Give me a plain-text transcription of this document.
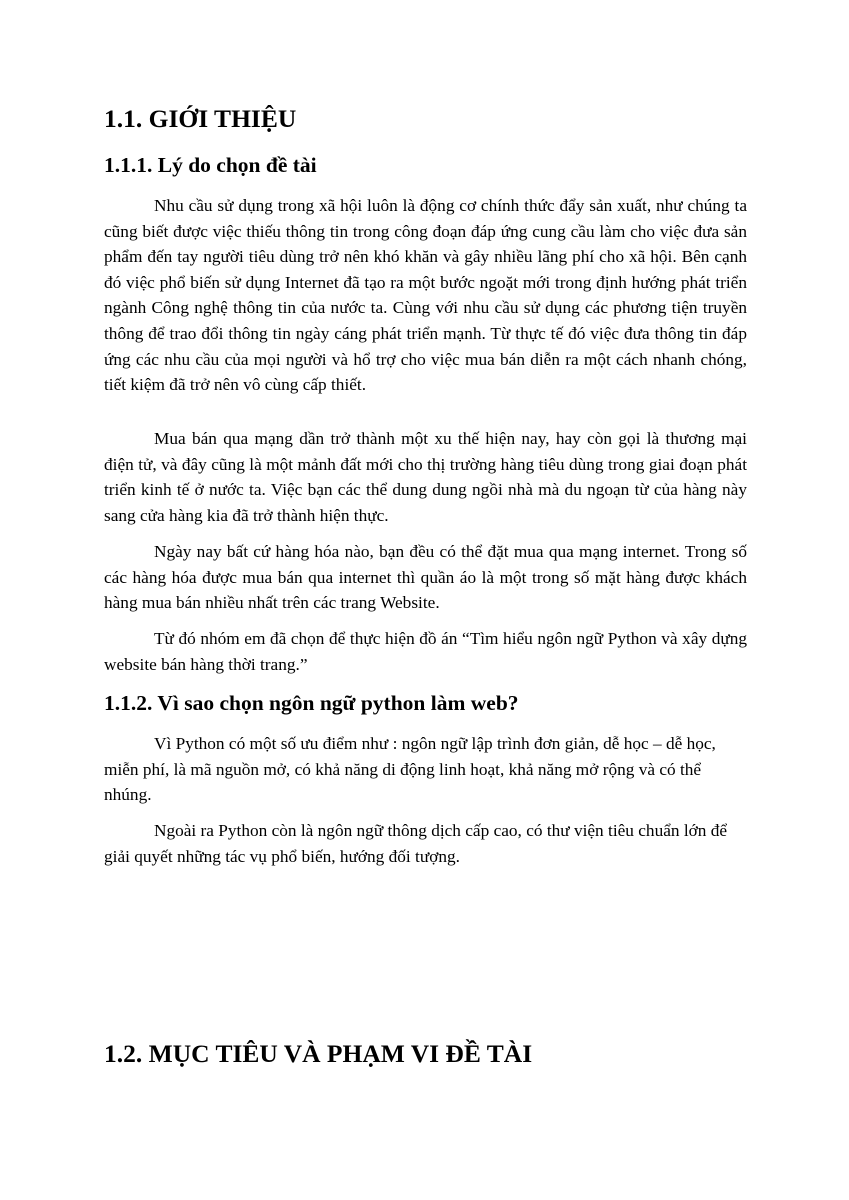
1.1. GIỚI THIỆU
1.1.1. Lý do chọn đề tài

Nhu cầu sử dụng trong xã hội luôn là động cơ chính thức đẩy sản xuất, như chúng ta cũng biết được việc thiếu thông tin trong công đoạn đáp ứng cung cầu làm cho việc đưa sản phẩm đến tay người tiêu dùng trở nên khó khăn và gây nhiều lãng phí cho xã hội. Bên cạnh đó việc phổ biến sử dụng Internet đã tạo ra một bước ngoặt mới trong định hướng phát triển ngành Công nghệ thông tin của nước ta. Cùng với nhu cầu sử dụng các phương tiện truyền thông để trao đổi thông tin ngày cáng phát triển mạnh. Từ thực tế đó việc đưa thông tin đáp ứng các nhu cầu của mọi người và hổ trợ cho việc mua bán diễn ra một cách nhanh chóng, tiết kiệm đã trở nên vô cùng cấp thiết.

Mua bán qua mạng dần trở thành một xu thế hiện nay, hay còn gọi là thương mại điện tử, và đây cũng là một mảnh đất mới cho thị trường hàng tiêu dùng trong giai đoạn phát triển kinh tế ở nước ta. Việc bạn các thể dung dung ngồi nhà mà du ngoạn từ của hàng này sang cửa hàng kia đã trở thành hiện thực.

Ngày nay bất cứ hàng hóa nào, bạn đều có thể đặt mua qua mạng internet. Trong số các hàng hóa được mua bán qua internet thì quần áo là một trong số mặt hàng được khách hàng mua bán nhiều nhất trên các trang Website.

Từ đó nhóm em đã chọn để thực hiện đồ án “Tìm hiểu ngôn ngữ Python và xây dựng website bán hàng thời trang.”

1.1.2. Vì sao chọn ngôn ngữ python làm web?

Vì Python có một số ưu điểm như : ngôn ngữ lập trình đơn giản, dễ học – dễ học, miễn phí, là mã nguồn mở, có khả năng di động linh hoạt, khả năng mở rộng và có thể nhúng.

Ngoài ra Python còn là ngôn ngữ thông dịch cấp cao, có thư viện tiêu chuẩn lớn để giải quyết những tác vụ phổ biến, hướng đối tượng.

1.2. MỤC TIÊU VÀ PHẠM VI ĐỀ TÀI
